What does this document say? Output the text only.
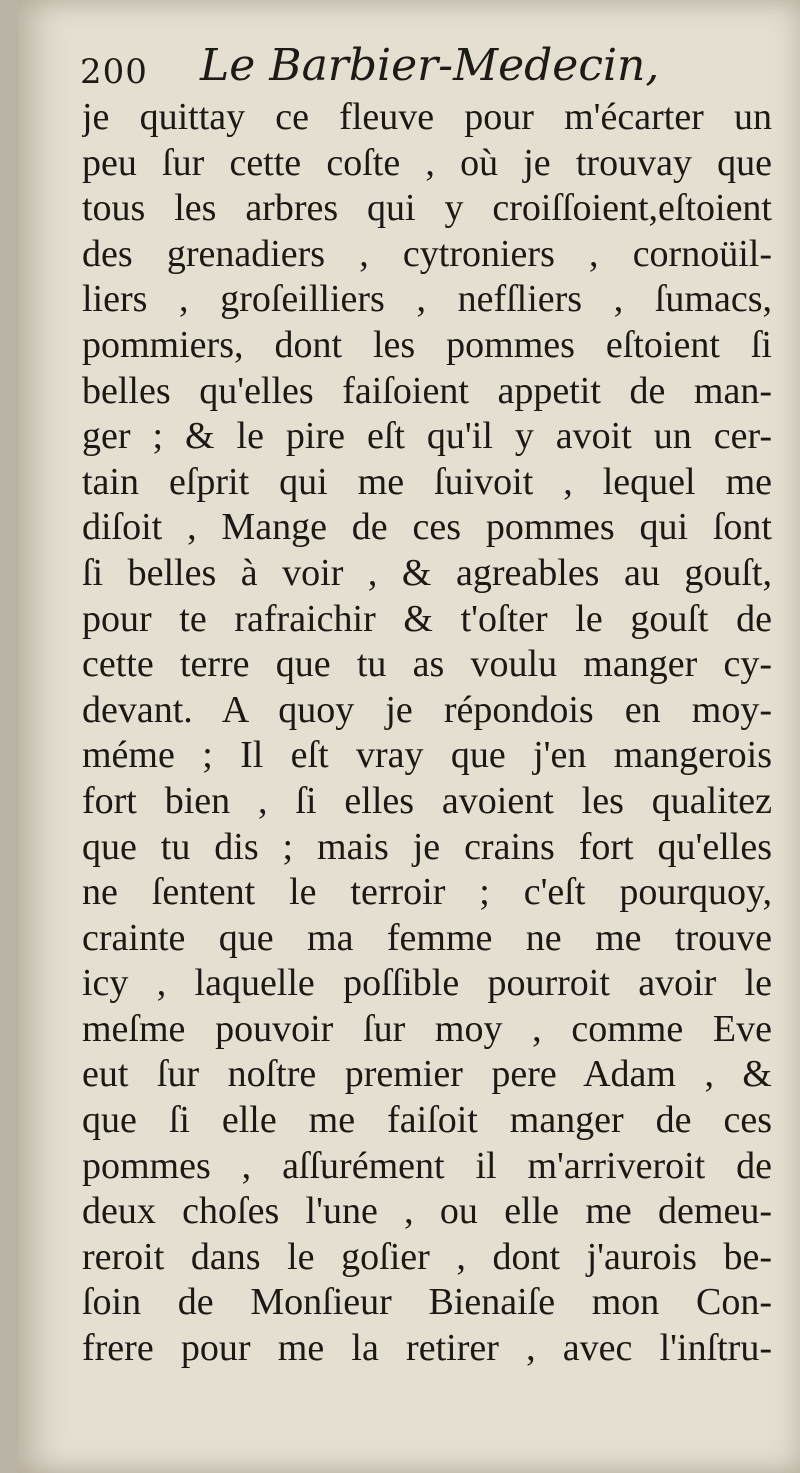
200 Le Barbier-Medecin,
je quittay ce fleuve pour m'écarter un
peu ſur cette coſte , où je trouvay que
tous les arbres qui y croiſſoient,eſtoient
des grenadiers , cytroniers , cornoüil-
liers , groſeilliers , nefſliers , ſumacs,
pommiers, dont les pommes eſtoient ſi
belles qu'elles faiſoient appetit de man-
ger ; & le pire eſt qu'il y avoit un cer-
tain eſprit qui me ſuivoit , lequel me
diſoit , Mange de ces pommes qui ſont
ſi belles à voir , & agreables au gouſt,
pour te rafraichir & t'oſter le gouſt de
cette terre que tu as voulu manger cy-
devant. A quoy je répondois en moy-
méme ; Il eſt vray que j'en mangerois
fort bien , ſi elles avoient les qualitez
que tu dis ; mais je crains fort qu'elles
ne ſentent le terroir ; c'eſt pourquoy,
crainte que ma femme ne me trouve
icy , laquelle poſſible pourroit avoir le
meſme pouvoir ſur moy , comme Eve
eut ſur noſtre premier pere Adam , &
que ſi elle me faiſoit manger de ces
pommes , aſſurément il m'arriveroit de
deux choſes l'une , ou elle me demeu-
reroit dans le goſier , dont j'aurois be-
ſoin de Monſieur Bienaiſe mon Con-
frere pour me la retirer , avec l'inſtru-
